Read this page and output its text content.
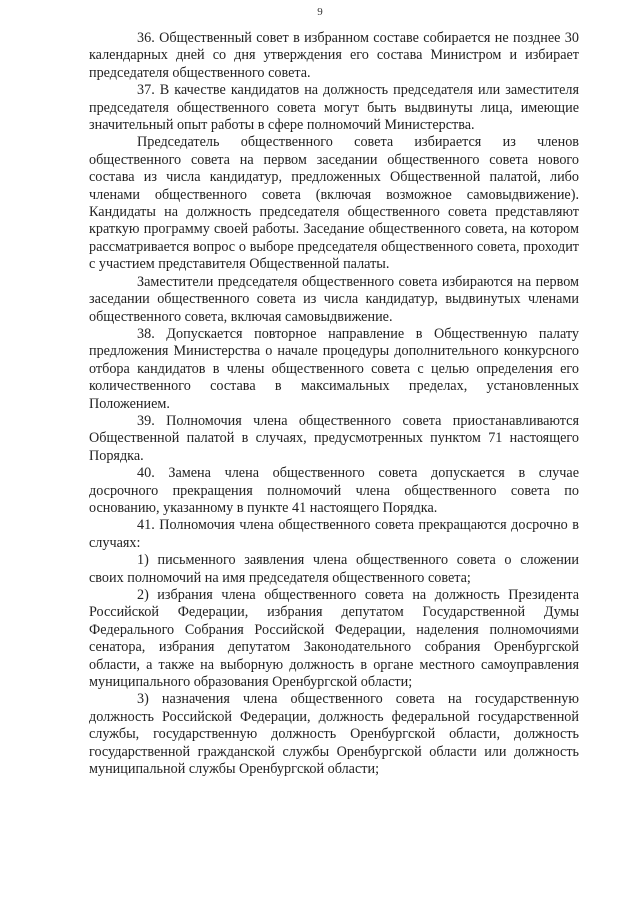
9

36. Общественный совет в избранном составе собирается не позднее 30 календарных дней со дня утверждения его состава Министром и избирает председателя общественного совета.

37. В качестве кандидатов на должность председателя или заместителя председателя общественного совета могут быть выдвинуты лица, имеющие значительный опыт работы в сфере полномочий Министерства.

Председатель общественного совета избирается из членов общественного совета на первом заседании общественного совета нового состава из числа кандидатур, предложенных Общественной палатой, либо членами общественного совета (включая возможное самовыдвижение). Кандидаты на должность председателя общественного совета представляют краткую программу своей работы. Заседание общественного совета, на котором рассматривается вопрос о выборе председателя общественного совета, проходит с участием представителя Общественной палаты.

Заместители председателя общественного совета избираются на первом заседании общественного совета из числа кандидатур, выдвинутых членами общественного совета, включая самовыдвижение.

38. Допускается повторное направление в Общественную палату предложения Министерства о начале процедуры дополнительного конкурсного отбора кандидатов в члены общественного совета с целью определения его количественного состава в максимальных пределах, установленных Положением.

39. Полномочия члена общественного совета приостанавливаются Общественной палатой в случаях, предусмотренных пунктом 71 настоящего Порядка.

40. Замена члена общественного совета допускается в случае досрочного прекращения полномочий члена общественного совета по основанию, указанному в пункте 41 настоящего Порядка.

41. Полномочия члена общественного совета прекращаются досрочно в случаях:

1) письменного заявления члена общественного совета о сложении своих полномочий на имя председателя общественного совета;

2) избрания члена общественного совета на должность Президента Российской Федерации, избрания депутатом Государственной Думы Федерального Собрания Российской Федерации, наделения полномочиями сенатора, избрания депутатом Законодательного собрания Оренбургской области, а также на выборную должность в органе местного самоуправления муниципального образования Оренбургской области;

3) назначения члена общественного совета на государственную должность Российской Федерации, должность федеральной государственной службы, государственную должность Оренбургской области, должность государственной гражданской службы Оренбургской области или должность муниципальной службы Оренбургской области;
